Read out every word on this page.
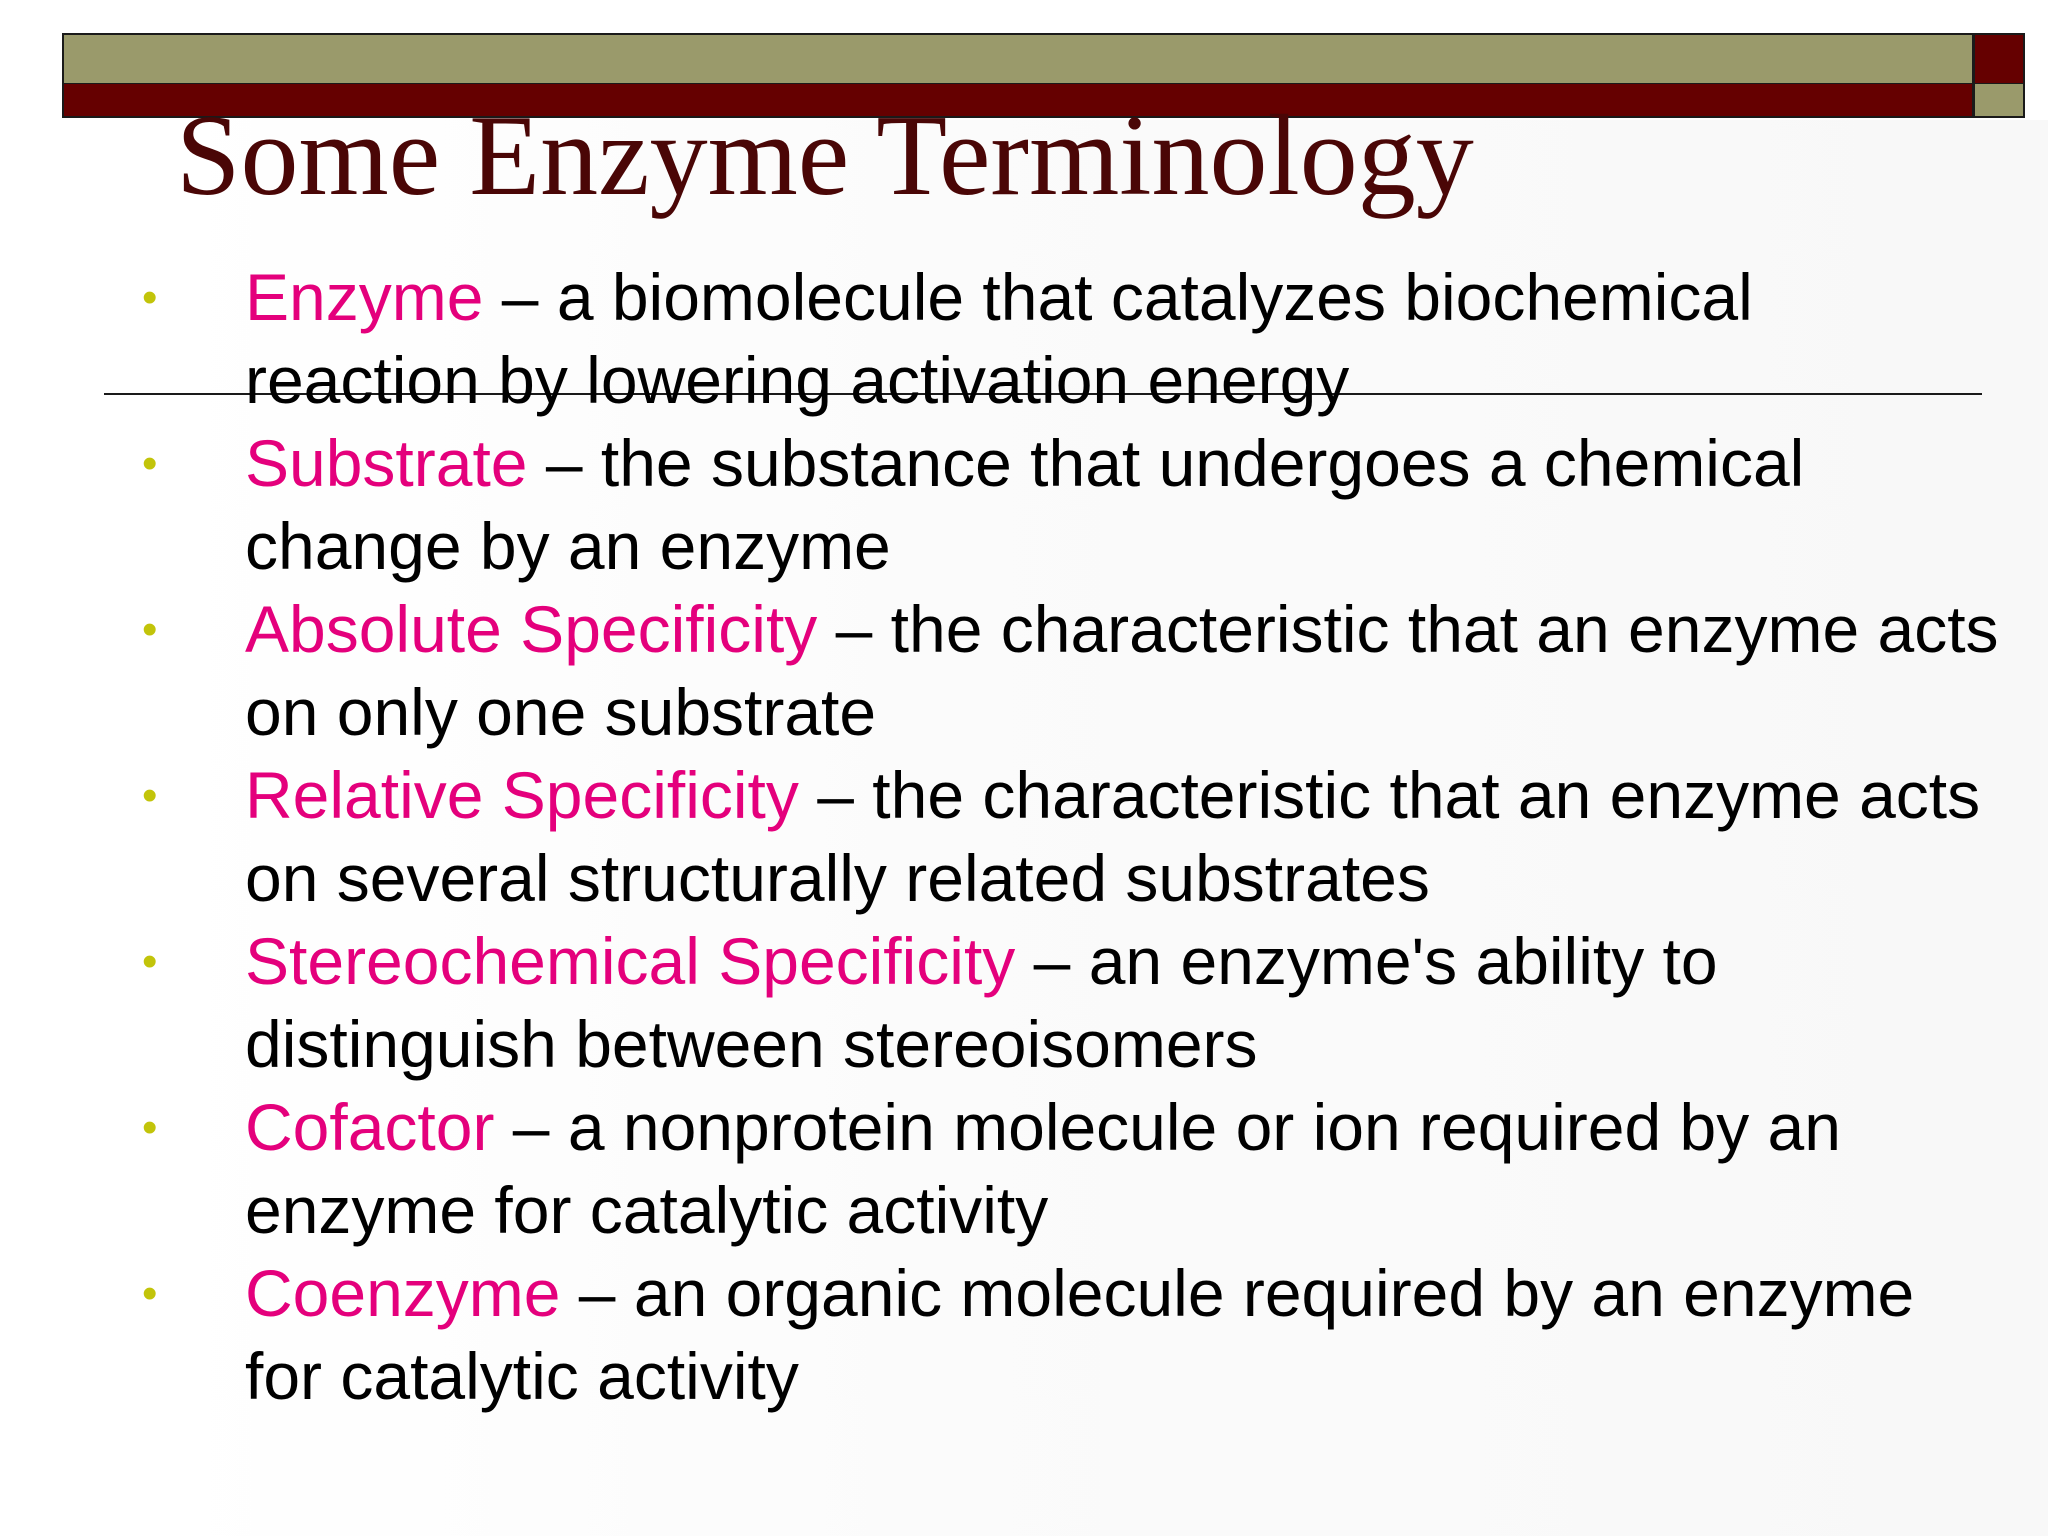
Some Enzyme Terminology
• Enzyme – a biomolecule that catalyzes biochemical reaction by lowering activation energy
• Substrate – the substance that undergoes a chemical change by an enzyme
• Absolute Specificity – the characteristic that an enzyme acts on only one substrate
• Relative Specificity – the characteristic that an enzyme acts on several structurally related substrates
• Stereochemical Specificity – an enzyme's ability to distinguish between stereoisomers
• Cofactor – a nonprotein molecule or ion required by an enzyme for catalytic activity
• Coenzyme – an organic molecule required by an enzyme for catalytic activity
